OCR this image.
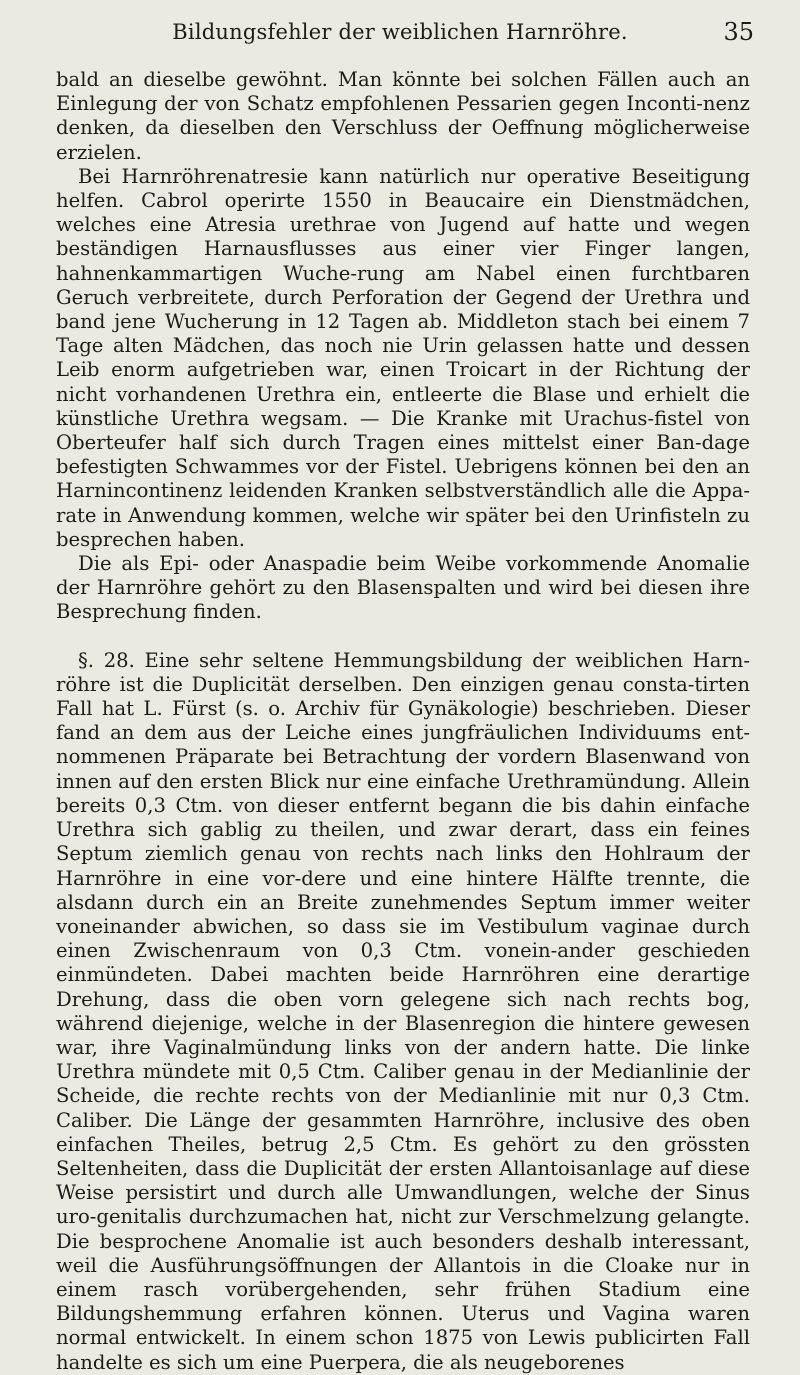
Bildungsfehler der weiblichen Harnröhre.	35

bald an dieselbe gewöhnt. Man könnte bei solchen Fällen auch an Einlegung der von Schatz empfohlenen Pessarien gegen Inconti-nenz denken, da dieselben den Verschluss der Oeffnung möglicherweise erzielen.

Bei Harnröhrenatresie kann natürlich nur operative Beseitigung helfen. Cabrol operirte 1550 in Beaucaire ein Dienstmädchen, welches eine Atresia urethrae von Jugend auf hatte und wegen beständigen Harnausflusses aus einer vier Finger langen, hahnenkammartigen Wuche-rung am Nabel einen furchtbaren Geruch verbreitete, durch Perforation der Gegend der Urethra und band jene Wucherung in 12 Tagen ab. Middleton stach bei einem 7 Tage alten Mädchen, das noch nie Urin gelassen hatte und dessen Leib enorm aufgetrieben war, einen Troicart in der Richtung der nicht vorhandenen Urethra ein, entleerte die Blase und erhielt die künstliche Urethra wegsam. — Die Kranke mit Urachus-fistel von Oberteufer half sich durch Tragen eines mittelst einer Ban-dage befestigten Schwammes vor der Fistel. Uebrigens können bei den an Harnincontinenz leidenden Kranken selbstverständlich alle die Appa-rate in Anwendung kommen, welche wir später bei den Urinfisteln zu besprechen haben.

Die als Epi- oder Anaspadie beim Weibe vorkommende Anomalie der Harnröhre gehört zu den Blasenspalten und wird bei diesen ihre Besprechung finden.

§. 28. Eine sehr seltene Hemmungsbildung der weiblichen Harn-röhre ist die Duplicität derselben. Den einzigen genau consta-tirten Fall hat L. Fürst (s. o. Archiv für Gynäkologie) beschrieben. Dieser fand an dem aus der Leiche eines jungfräulichen Individuums ent-nommenen Präparate bei Betrachtung der vordern Blasenwand von innen auf den ersten Blick nur eine einfache Urethramündung. Allein bereits 0,3 Ctm. von dieser entfernt begann die bis dahin einfache Urethra sich gablig zu theilen, und zwar derart, dass ein feines Septum ziemlich genau von rechts nach links den Hohlraum der Harnröhre in eine vor-dere und eine hintere Hälfte trennte, die alsdann durch ein an Breite zunehmendes Septum immer weiter voneinander abwichen, so dass sie im Vestibulum vaginae durch einen Zwischenraum von 0,3 Ctm. vonein-ander geschieden einmündeten. Dabei machten beide Harnröhren eine derartige Drehung, dass die oben vorn gelegene sich nach rechts bog, während diejenige, welche in der Blasenregion die hintere gewesen war, ihre Vaginalmündung links von der andern hatte. Die linke Urethra mündete mit 0,5 Ctm. Caliber genau in der Medianlinie der Scheide, die rechte rechts von der Medianlinie mit nur 0,3 Ctm. Caliber. Die Länge der gesammten Harnröhre, inclusive des oben einfachen Theiles, betrug 2,5 Ctm. Es gehört zu den grössten Seltenheiten, dass die Duplicität der ersten Allantoisanlage auf diese Weise persistirt und durch alle Umwandlungen, welche der Sinus uro-genitalis durchzumachen hat, nicht zur Verschmelzung gelangte. Die besprochene Anomalie ist auch besonders deshalb interessant, weil die Ausführungsöffnungen der Allantois in die Cloake nur in einem rasch vorübergehenden, sehr frühen Stadium eine Bildungshemmung erfahren können. Uterus und Vagina waren normal entwickelt. In einem schon 1875 von Lewis publicirten Fall handelte es sich um eine Puerpera, die als neugeborenes
